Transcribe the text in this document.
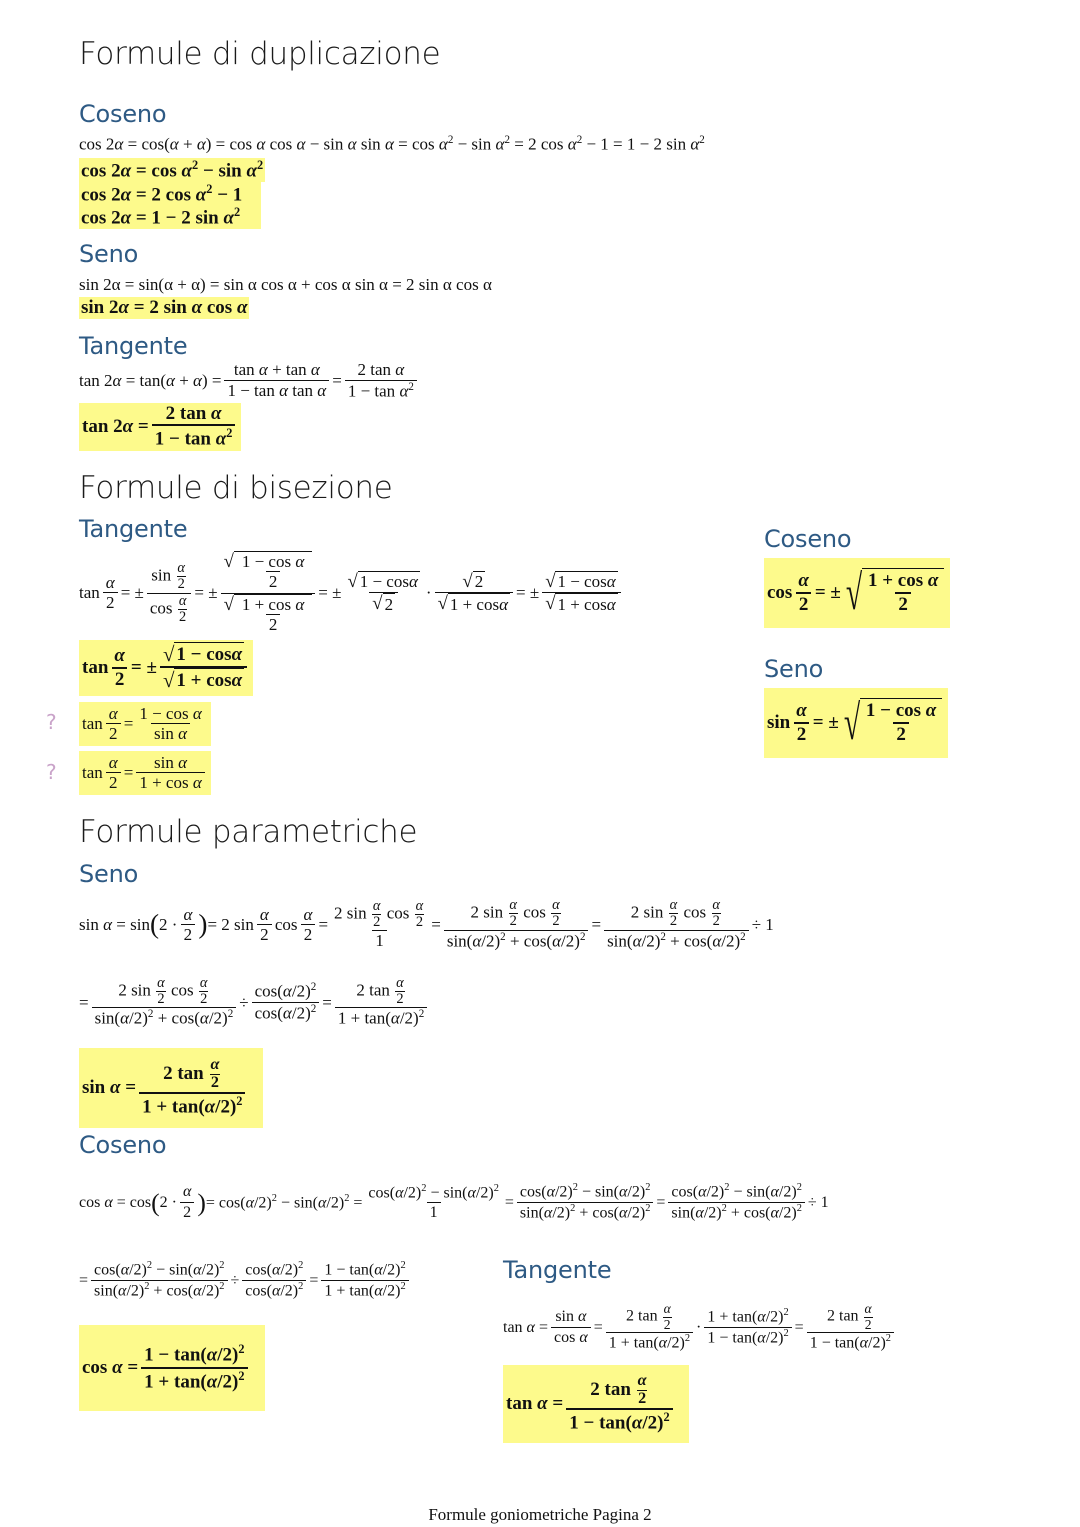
Formule di duplicazione
Coseno
cos 2α = cos(α + α) = cos α cos α − sin α $\sin \alpha = \cos \alpha^2 - \sin \alpha^2 = 2$ $\cos \alpha^2 - 1 = 1 - 2$ $\sin \alpha^2$
$\cos 2\alpha = \cos \alpha^2 - \sin \alpha^2$
cos 2α = 2 $\cos \alpha^2 - 1$
cos 2α = 1 − 2 $\sin \alpha^2$
Seno
sin 2α = sin(α + α) = sin α cos α + cos α sin α = 2 sin α cos α
sin 2α = 2 sin α cos α
Tangente
$\tan 2\alpha = \tan(\alpha + \alpha) = \frac{\text{tan α + tan α}}{\text{1 − tan α tan α}} = \frac{\text{2 tan α}}{1 - \tan \alpha^2}$
$\tan 2\alpha = \frac{\text{2 tan α}}{1 - \tan \alpha^2}$
Formule di bisezione
Tangente
$\tan \frac{\alpha}{2}$ = ± $\frac{\sin \frac{\alpha}{2}}{\cos \frac{\alpha}{2}}$ = ± $\frac{√ \frac{\text{1 − cos α}}{2}}{√ \frac{\text{1 + cos α}}{2}}$ = ± $\frac{\text{√ 1 − cos α}}{√ 2} \cdot \frac{√ 2}{\text{√ 1 + cos α}}$ = ± $\frac{\text{√ 1 − cos α}}{\text{√ 1 + cos α}}$
$\tan \frac{\alpha}{2}$ = ± $\frac{\text{√ 1 − cos α}}{\text{√ 1 + cos α}}$
? $\tan \frac{\alpha}{2} = \frac{\text{1 − cos α}}{\text{sin α}}$
? $\tan \frac{\alpha}{2} = \frac{\text{sin α}}{\text{1 + cos α}}$
Coseno
$\cos \frac{\alpha}{2}$ = ± √ $\frac{\text{1 + cos α}}{2}$
Seno
$\sin \frac{\alpha}{2}$ = ± √ $\frac{\text{1 − cos α}}{2}$
Formule parametriche
Seno
sin α = sin ( $2 \cdot \frac{\alpha}{2}$ ) = 2 $\sin \frac{\alpha}{2}$ $\cos \frac{\alpha}{2} = \frac{2 \sin \frac{\alpha}{2} \cos \frac{\alpha}{2}}{1} = \frac{2 \sin \frac{\alpha}{2} \cos \frac{\alpha}{2}}{\sin(\alpha/2)^2 + \cos(\alpha/2)^2} = \frac{2 \sin \frac{\alpha}{2} \cos \frac{\alpha}{2}}{\sin(\alpha/2)^2 + \cos(\alpha/2)^2} \div 1$
= $\frac{2 \sin \frac{\alpha}{2} \cos \frac{\alpha}{2}}{\sin(\alpha/2)^2 + \cos(\alpha/2)^2} \div \frac{\cos(\alpha/2)^2}{\cos(\alpha/2)^2} = \frac{2 \tan \frac{\alpha}{2}}{1 + \tan(\alpha/2)^2}$
$\sin \alpha = \frac{2 \tan \frac{\alpha}{2}}{1 + \tan(\alpha/2)^2}$
Coseno
cos α = cos ( $2 \cdot \frac{\alpha}{2}$ ) = $\cos(\alpha/2)^2 - \sin(\alpha/2)^2 = \frac{\cos(\alpha/2)^2 - \sin(\alpha/2)^2}{1} = \frac{\cos(\alpha/2)^2 - \sin(\alpha/2)^2}{\sin(\alpha/2)^2 + \cos(\alpha/2)^2} = \frac{\cos(\alpha/2)^2 - \sin(\alpha/2)^2}{\sin(\alpha/2)^2 + \cos(\alpha/2)^2} \div 1$
= $\frac{\cos(\alpha/2)^2 - \sin(\alpha/2)^2}{\sin(\alpha/2)^2 + \cos(\alpha/2)^2} \div \frac{\cos(\alpha/2)^2}{\cos(\alpha/2)^2} = \frac{1 - \tan(\alpha/2)^2}{1 + \tan(\alpha/2)^2}$
$\cos \alpha = \frac{1 - \tan(\alpha/2)^2}{1 + \tan(\alpha/2)^2}$
Tangente
$\tan \alpha = \frac{\text{sin α}}{\text{cos α}} = \frac{2 \tan \frac{\alpha}{2}}{1 + \tan(\alpha/2)^2} \cdot \frac{1 + \tan(\alpha/2)^2}{1 - \tan(\alpha/2)^2} = \frac{2 \tan \frac{\alpha}{2}}{1 - \tan(\alpha/2)^2}$
$\tan \alpha = \frac{2 \tan \frac{\alpha}{2}}{1 - \tan(\alpha/2)^2}$
Formule goniometriche Pagina 2
